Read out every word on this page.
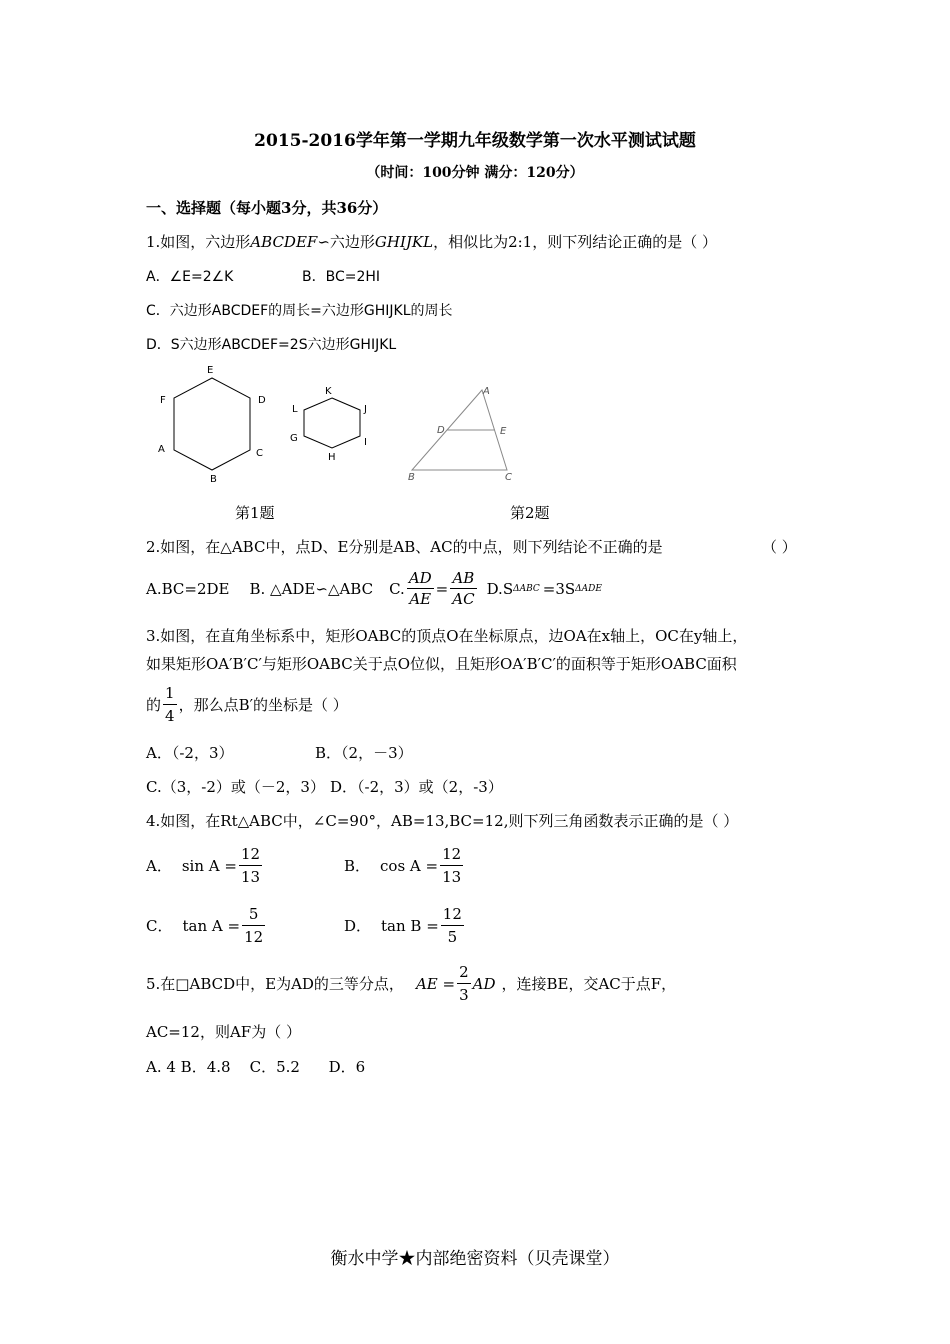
2015-2016学年第一学期九年级数学第一次水平测试试题
（时间：100分钟 满分：120分）
一、选择题（每小题3分，共36分）
1.如图，六边形ABCDEF∽六边形GHIJKL，相似比为2:1，则下列结论正确的是（ ）
A．∠E=2∠K	B．BC=2HI
C．六边形ABCDEF的周长=六边形GHIJKL的周长
D．S六边形ABCDEF=2S六边形GHIJKL
E
F	D
A	C
B
K
L	J
G	I
H
A
D	E
B	C
第1题	第2题
2.如图，在△ABC中，点D、E分别是AB、AC的中点，则下列结论不正确的是	（ ）
A.BC=2DE B. △ADE∽△ABC C. $\frac{AD}{AE} = \frac{AB}{AC} D.S$ ΔABC =3S ΔADE
3.如图，在直角坐标系中，矩形OABC的顶点O在坐标原点，边OA在x轴上，OC在y轴上，
如果矩形OA′B′C′与矩形OABC关于点O位似，且矩形OA′B′C′的面积等于矩形OABC面积
的 $\frac{1}{4}$ ，那么点B′的坐标是（ ）
A．（-2，3）	B．（2，－3）
C.（3，-2）或（－2，3） D．（-2，3）或（2，-3）
4.如图，在Rt△ABC中，∠C=90°，AB=13,BC=12,则下列三角函数表示正确的是（ ）
A． $\sin A = \frac{12}{13}$	B． $\cos A = \frac{12}{13}$
C． $\tan A = \frac{5}{12}$	D． $\tan B = \frac{12}{5}$
5.在□ABCD中，E为AD的三等分点， AE = $\frac{2}{3}$ AD ，连接BE，交AC于点F，
AC=12，则AF为（ ）
A. 4 B．4.8    C．5.2      D．6
衡水中学★内部绝密资料（贝壳课堂）
